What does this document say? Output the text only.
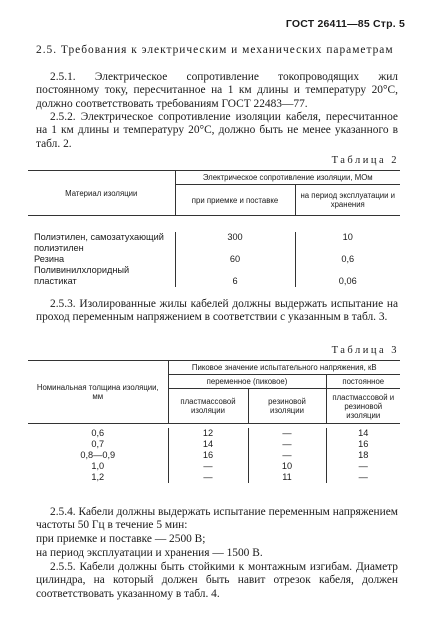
ГОСТ 26411—85 Стр. 5

2.5. Требования к электрическим и механических параметрам

2.5.1. Электрическое сопротивление токопроводящих жил постоянному току, пересчитанное на 1 км длины и температуру 20°С, должно соответствовать требованиям ГОСТ 22483—77.

2.5.2. Электрическое сопротивление изоляции кабеля, пересчитанное на 1 км длины и температуру 20°С, должно быть не менее указанного в табл. 2.

Таблица 2

Материал изоляции	Электрическое сопротивление изоляции, МОм	
	при приемке и поставке	на период эксплуатации и хранения

Полиэтилен, самозатухающий полиэтилен	300	10
Резина	60	0,6
Поливинилхлоридный пластикат	6	0,06

2.5.3. Изолированные жилы кабелей должны выдержать испытание на проход переменным напряжением в соответствии с указанным в табл. 3.

Таблица 3

Номинальная толщина изоляции, мм	Пиковое значение испытательного напряжения, кВ		
	переменное (пиковое)		постоянное
	пластмассовой изоляции	резиновой изоляции	пластмассовой и резиновой изоляции

0,6	12	—	14
0,7	14	—	16
0,8—0,9	16	—	18
1,0	—	10	—
1,2	—	11	—

2.5.4. Кабели должны выдержать испытание переменным напряжением частоты 50 Гц в течение 5 мин:

при приемке и поставке — 2500 В;

на период эксплуатации и хранения — 1500 В.

2.5.5. Кабели должны быть стойкими к монтажным изгибам. Диаметр цилиндра, на который должен быть навит отрезок кабеля, должен соответствовать указанному в табл. 4.
